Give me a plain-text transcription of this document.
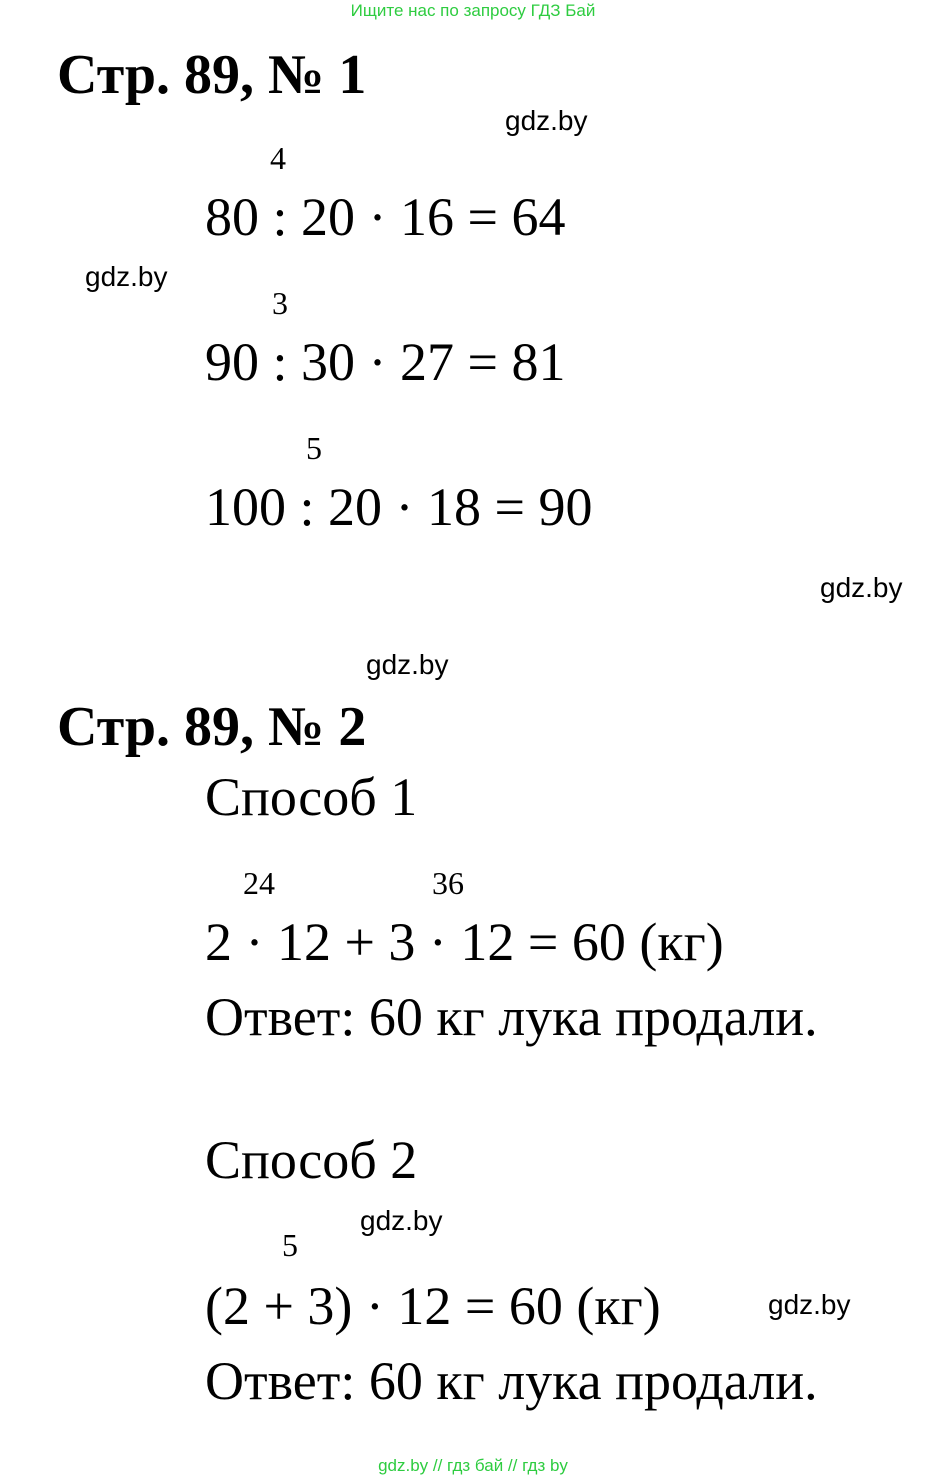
Ищите нас по запросу ГДЗ Бай
Стр. 89, № 1
gdz.by
4
80 : 20 · 16 = 64
gdz.by
3
90 : 30 · 27 = 81
5
100 : 20 · 18 = 90
gdz.by
gdz.by
Стр. 89, № 2
Способ 1
24	36
2 · 12 + 3 · 12 = 60 (кг)
Ответ: 60 кг лука продали.
Способ 2
gdz.by
5
(2 + 3) · 12 = 60 (кг)	gdz.by
Ответ: 60 кг лука продали.
gdz.by // гдз бай // гдз by
